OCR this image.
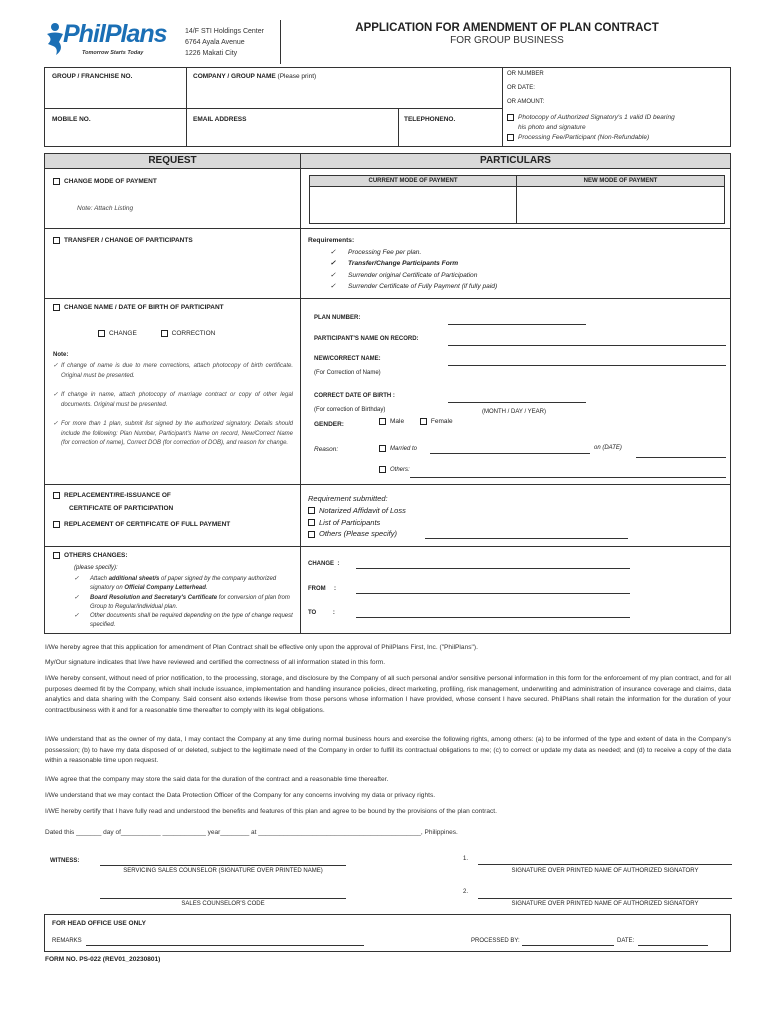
PhilPlans
Tomorrow Starts Today
14/F STI Holdings Center
6764 Ayala Avenue
1226 Makati City
APPLICATION FOR AMENDMENT OF PLAN CONTRACT
FOR GROUP BUSINESS
GROUP / FRANCHISE NO.	COMPANY / GROUP NAME (Please print)	OR NUMBER
OR DATE:
OR AMOUNT:
MOBILE NO.	EMAIL ADDRESS	TELEPHONENO.	Photocopy of Authorized Signatory's 1 valid ID bearing
his photo and signature
Processing Fee/Participant (Non-Refundable)
REQUEST	PARTICULARS
CHANGE MODE OF PAYMENT
Note: Attach Listing
CURRENT MODE OF PAYMENT	NEW MODE OF PAYMENT
TRANSFER / CHANGE OF PARTICIPANTS	Requirements:
✓ Processing Fee per plan.
✓ Transfer/Change Participants Form
✓ Surrender original Certificate of Participation
✓ Surrender Certificate of Fully Payment (if fully paid)
CHANGE NAME / DATE OF BIRTH OF PARTICIPANT
CHANGE	CORRECTION
Note:
✓ If change of name is due to mere corrections, attach photocopy of birth certificate. Original must be presented.
✓ If change in name, attach photocopy of marriage contract or copy of other legal documents. Original must be presented.
✓ For more than 1 plan, submit list signed by the authorized signatory. Details should include the following: Plan Number, Participant's Name on record, New/Correct Name (for correction of name), Correct DOB (for correction of DOB), and reason for change.
PLAN NUMBER:
PARTICIPANT'S NAME ON RECORD:
NEW/CORRECT NAME:
(For Correction of Name)
CORRECT DATE OF BIRTH :
(For correction of Birthday)	(MONTH / DAY / YEAR)
GENDER:	Male	Female
Reason:	Married to	on (DATE)
Others:
REPLACEMENT/RE-ISSUANCE OF
CERTIFICATE OF PARTICIPATION
REPLACEMENT OF CERTIFICATE OF FULL PAYMENT
Requirement submitted:
Notarized Affidavit of Loss
List of Participants
Others (Please specify)
OTHERS CHANGES:
(please specify):
✓	Attach additional sheet/s of paper signed by the company authorized signatory on Official Company Letterhead.
✓	Board Resolution and Secretary's Certificate for conversion of plan from Group to Regular/individual plan.
✓	Other documents shall be required depending on the type of change request specified.
CHANGE  :
FROM     :
TO          :
I/We hereby agree that this application for amendment of Plan Contract shall be effective only upon the approval of PhilPlans First, Inc. ("PhilPlans").
My/Our signature indicates that I/we have reviewed and certified the correctness of all information stated in this form.
I/We hereby consent, without need of prior notification, to the processing, storage, and disclosure by the Company of all such personal and/or sensitive personal information in this form for the enforcement of my plan contract, and for all purposes deemed fit by the Company, which shall include issuance, implementation and handling insurance policies, direct marketing, profiling, risk management, underwriting and administration of insurance coverage and claims, data analytics and data sharing with the Company. Said consent also extends likewise from those persons whose information I have provided, whose consent I have secured. PhilPlans shall retain the information for the duration of your contract/business with it and for a reasonable time thereafter to comply with its legal obligations.
I/We understand that as the owner of my data, I may contact the Company at any time during normal business hours and exercise the following rights, among others: (a) to be informed of the type and extent of data in the Company's possession; (b) to have my data disposed of or deleted, subject to the legitimate need of the Company in order to fulfill its contractual obligations to me; (c) to correct or update my data as needed; and (d) to receive a copy of the data within a reasonable time upon request.
I/We agree that the company may store the said data for the duration of the contract and a reasonable time thereafter.
I/We understand that we may contact the Data Protection Officer of the Company for any concerns involving my data or privacy rights.
I/WE hereby certify that I have fully read and understood the benefits and features of this plan and agree to be bound by the provisions of the plan contract.
Dated this _______ day of___________ ____________ year________ at _____________________________________________, Philippines.
WITNESS:
SERVICING SALES COUNSELOR (SIGNATURE OVER PRINTED NAME)
SALES COUNSELOR'S CODE
1.
SIGNATURE OVER PRINTED NAME OF AUTHORIZED SIGNATORY
2.
SIGNATURE OVER PRINTED NAME OF AUTHORIZED SIGNATORY
FOR HEAD OFFICE USE ONLY
REMARKS	PROCESSED BY:	DATE:
FORM NO. PS-022 (REV01_20230801)
